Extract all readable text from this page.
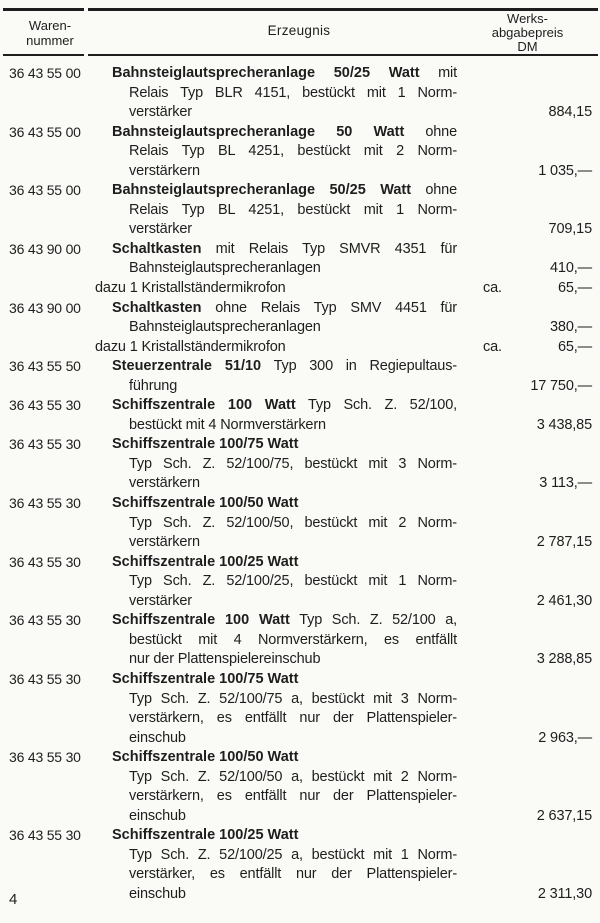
Waren-
nummer
Erzeugnis
Werks-
abgabepreis
DM
36 43 55 00	Bahnsteiglautsprecheranlage 50/25 Watt mit
Relais Typ BLR 4151, bestückt mit 1 Norm-
verstärker	884,15
36 43 55 00	Bahnsteiglautsprecheranlage 50 Watt ohne
Relais Typ BL 4251, bestückt mit 2 Norm-
verstärkern	1 035,—
36 43 55 00	Bahnsteiglautsprecheranlage 50/25 Watt ohne
Relais Typ BL 4251, bestückt mit 1 Norm-
verstärker	709,15
36 43 90 00	Schaltkasten mit Relais Typ SMVR 4351 für
Bahnsteiglautsprecheranlagen	410,—
dazu 1 Kristallständermikrofon	ca.	65,—
36 43 90 00	Schaltkasten ohne Relais Typ SMV 4451 für
Bahnsteiglautsprecheranlagen	380,—
dazu 1 Kristallständermikrofon	ca.	65,—
36 43 55 50	Steuerzentrale 51/10 Typ 300 in Regiepultaus-
führung	17 750,—
36 43 55 30	Schiffszentrale 100 Watt Typ Sch. Z. 52/100,
bestückt mit 4 Normverstärkern	3 438,85
36 43 55 30	Schiffszentrale 100/75 Watt
Typ Sch. Z. 52/100/75, bestückt mit 3 Norm-
verstärkern	3 113,—
36 43 55 30	Schiffszentrale 100/50 Watt
Typ Sch. Z. 52/100/50, bestückt mit 2 Norm-
verstärkern	2 787,15
36 43 55 30	Schiffszentrale 100/25 Watt
Typ Sch. Z. 52/100/25, bestückt mit 1 Norm-
verstärker	2 461,30
36 43 55 30	Schiffszentrale 100 Watt Typ Sch. Z. 52/100 a,
bestückt mit 4 Normverstärkern, es entfällt
nur der Plattenspielereinschub	3 288,85
36 43 55 30	Schiffszentrale 100/75 Watt
Typ Sch. Z. 52/100/75 a, bestückt mit 3 Norm-
verstärkern, es entfällt nur der Plattenspieler-
einschub	2 963,—
36 43 55 30	Schiffszentrale 100/50 Watt
Typ Sch. Z. 52/100/50 a, bestückt mit 2 Norm-
verstärkern, es entfällt nur der Plattenspieler-
einschub	2 637,15
36 43 55 30	Schiffszentrale 100/25 Watt
Typ Sch. Z. 52/100/25 a, bestückt mit 1 Norm-
verstärker, es entfällt nur der Plattenspieler-
einschub	2 311,30
4
